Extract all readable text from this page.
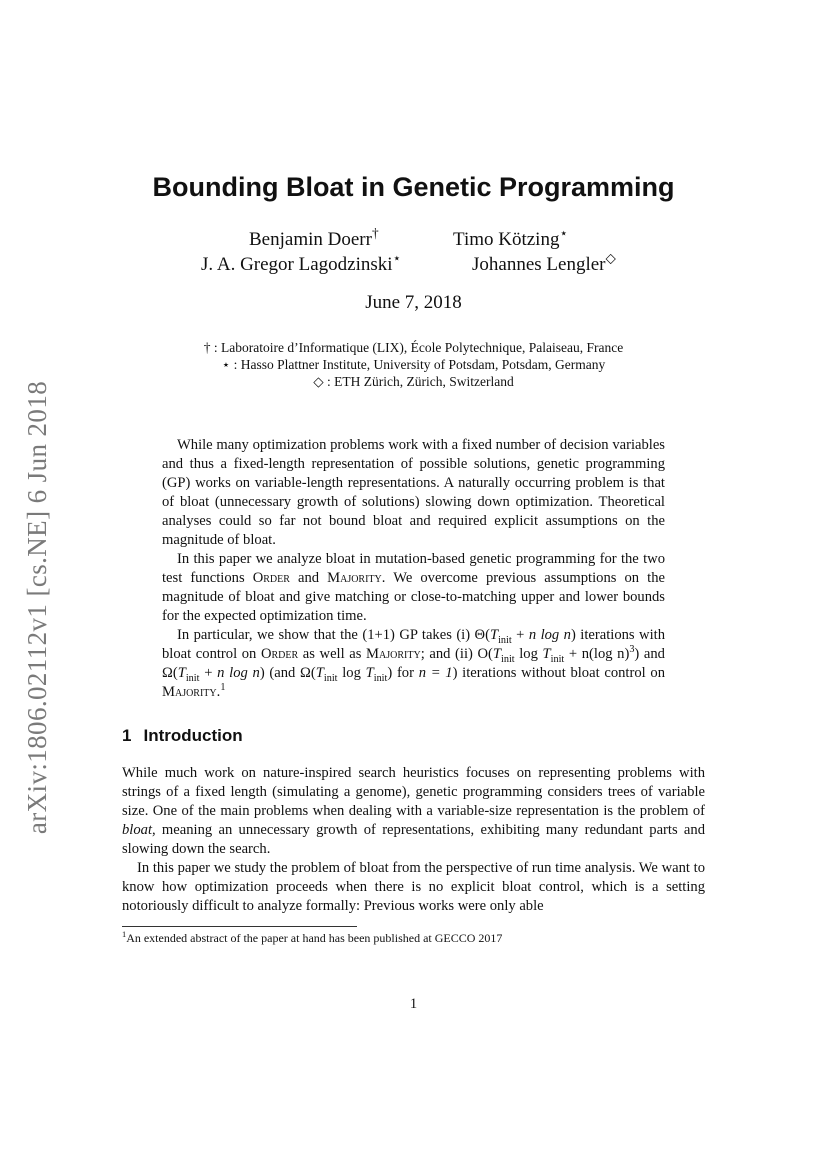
arXiv:1806.02112v1 [cs.NE] 6 Jun 2018
Bounding Bloat in Genetic Programming
Benjamin Doerr†	Timo Kötzing⋆
J. A. Gregor Lagodzinski⋆	Johannes Lengler◇
June 7, 2018
† : Laboratoire d’Informatique (LIX), École Polytechnique, Palaiseau, France
⋆ : Hasso Plattner Institute, University of Potsdam, Potsdam, Germany
◇ : ETH Zürich, Zürich, Switzerland

While many optimization problems work with a fixed number of decision variables and thus a fixed-length representation of possible solutions, genetic programming (GP) works on variable-length representations. A naturally occurring problem is that of bloat (unnecessary growth of solutions) slowing down optimization. Theoretical analyses could so far not bound bloat and required explicit assumptions on the magnitude of bloat.

In this paper we analyze bloat in mutation-based genetic programming for the two test functions Order and Majority. We overcome previous assumptions on the magnitude of bloat and give matching or close-to-matching upper and lower bounds for the expected optimization time.

In particular, we show that the (1+1) GP takes (i) $\Theta(T_{init} + n$ log n) iterations with bloat control on Order as well as Majority; and (ii) $O(T_{init}$ $\log T_{init} + n(\log$ n)$^3$) and $\Omega(T_{init} + n$ log n) (and $\Omega(T_{init}$ $\log T_{init}$) for n = 1) iterations without bloat control on Majority.$^1$

1 Introduction

While much work on nature-inspired search heuristics focuses on representing problems with strings of a fixed length (simulating a genome), genetic programming considers trees of variable size. One of the main problems when dealing with a variable-size representation is the problem of bloat, meaning an unnecessary growth of representations, exhibiting many redundant parts and slowing down the search.

In this paper we study the problem of bloat from the perspective of run time analysis. We want to know how optimization proceeds when there is no explicit bloat control, which is a setting notoriously difficult to analyze formally: Previous works were only able

$^1$An extended abstract of the paper at hand has been published at GECCO 2017
1
